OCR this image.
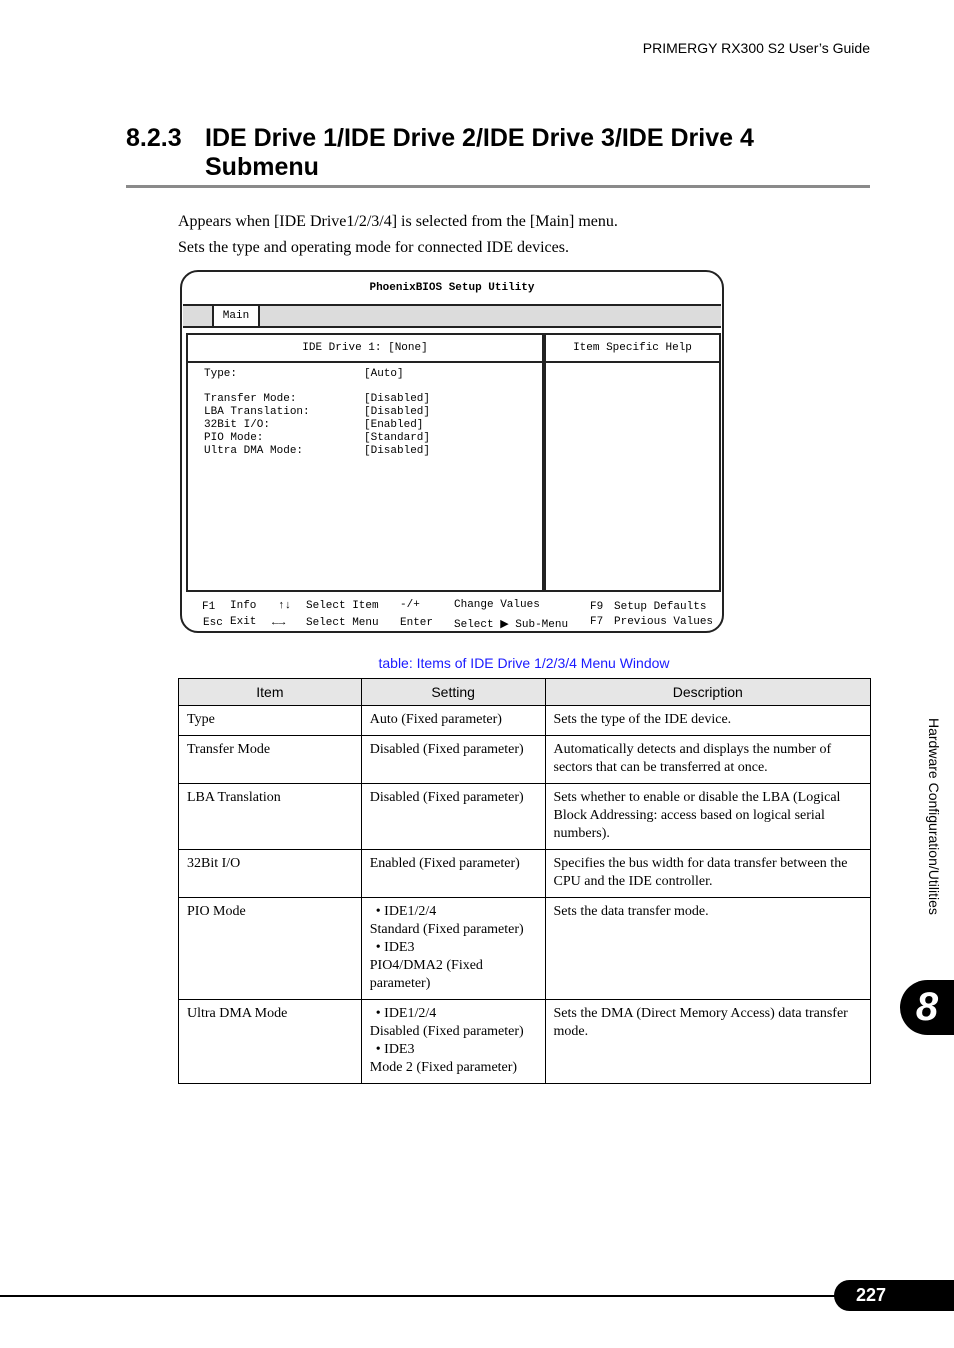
PRIMERGY RX300 S2 User’s Guide
8.2.3 IDE Drive 1/IDE Drive 2/IDE Drive 3/IDE Drive 4 Submenu
Appears when [IDE Drive1/2/3/4] is selected from the [Main] menu.
Sets the type and operating mode for connected IDE devices.
PhoenixBIOS Setup Utility
Main
IDE Drive 1: [None]
Type:	[Auto]
Transfer Mode:	[Disabled]
LBA Translation:	[Disabled]
32Bit I/O:	[Enabled]
PIO Mode:	[Standard]
Ultra DMA Mode:	[Disabled]
Item Specific Help
F1 Info
Esc Exit
↑↓ Select Item
←→ Select Menu
-/+
Enter
Change Values
Select ▶ Sub-Menu
F9 Setup Defaults
F7 Previous Values
table: Items of IDE Drive 1/2/3/4 Menu Window
Item	Setting	Description
Type	Auto (Fixed parameter)	Sets the type of the IDE device.
Transfer Mode	Disabled (Fixed parameter)	Automatically detects and displays the number of sectors that can be transferred at once.
LBA Translation	Disabled (Fixed parameter)	Sets whether to enable or disable the LBA (Logical Block Addressing: access based on logical serial numbers).
32Bit I/O	Enabled (Fixed parameter)	Specifies the bus width for data transfer between the CPU and the IDE controller.
PIO Mode	• IDE1/2/4
Standard (Fixed parameter)
• IDE3
PIO4/DMA2 (Fixed parameter)	Sets the data transfer mode.
Ultra DMA Mode	• IDE1/2/4
Disabled (Fixed parameter)
• IDE3
Mode 2 (Fixed parameter)	Sets the DMA (Direct Memory Access) data transfer mode.
Hardware Configuration/Utilities
8
227
